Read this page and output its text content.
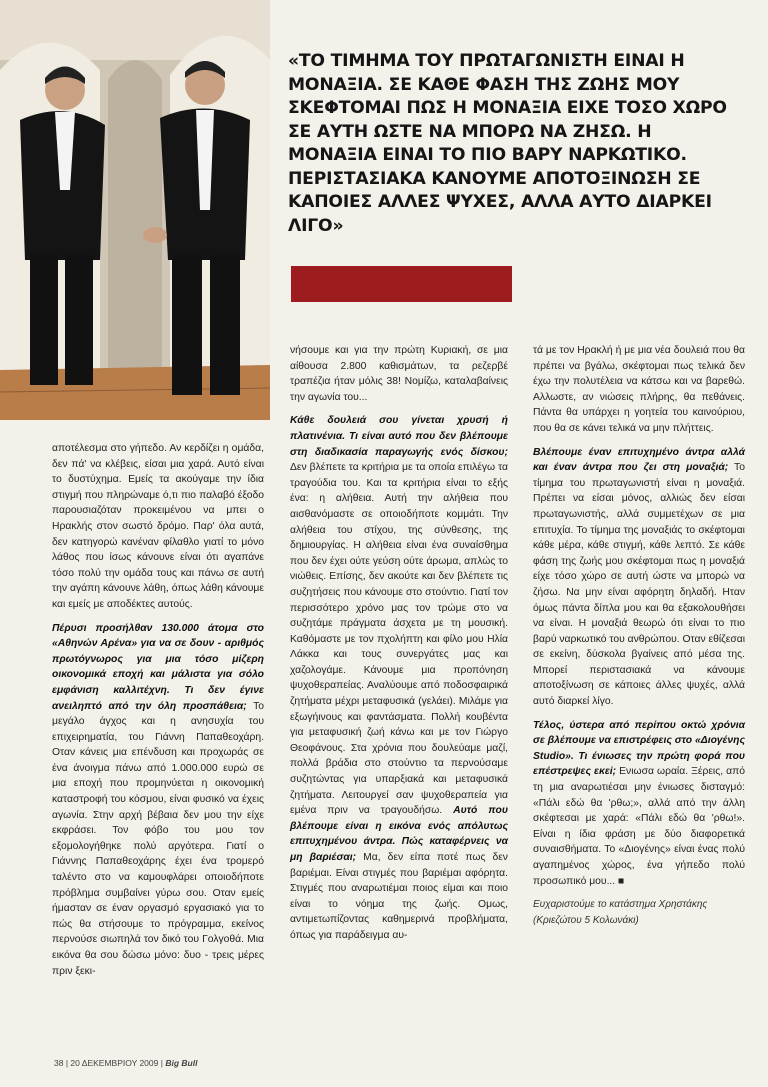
«ΤΟ ΤΙΜΗΜΑ ΤΟΥ ΠΡΩΤΑΓΩΝΙΣΤΗ ΕΙΝΑΙ Η ΜΟΝΑΞΙΑ. ΣΕ ΚΑΘΕ ΦΑΣΗ ΤΗΣ ΖΩΗΣ ΜΟΥ ΣΚΕΦΤΟΜΑΙ ΠΩΣ Η ΜΟΝΑΞΙΑ ΕΙΧΕ ΤΟΣΟ ΧΩΡΟ ΣΕ ΑΥΤΗ ΩΣΤΕ ΝΑ ΜΠΟΡΩ ΝΑ ΖΗΣΩ. Η ΜΟΝΑΞΙΑ ΕΙΝΑΙ ΤΟ ΠΙΟ ΒΑΡΥ ΝΑΡΚΩΤΙΚΟ. ΠΕΡΙΣΤΑΣΙΑΚΑ ΚΑΝΟΥΜΕ ΑΠΟΤΟΞΙΝΩΣΗ ΣΕ ΚΑΠΟΙΕΣ ΑΛΛΕΣ ΨΥΧΕΣ, ΑΛΛΑ ΑΥΤΟ ΔΙΑΡΚΕΙ ΛΙΓΟ»

αποτέλεσμα στο γήπεδο. Αν κερδίζει η ομάδα, δεν πά' να κλέβεις, είσαι μια χαρά. Αυτό είναι το δυστύχημα. Εμείς τα ακούγαμε την ίδια στιγμή που πληρώναμε ό,τι πιο παλαβό έξοδο παρουσιαζόταν προκειμένου να μπει ο Ηρακλής στον σωστό δρόμο. Παρ' όλα αυτά, δεν κατηγορώ κανέναν φίλαθλο γιατί το μόνο λάθος που ίσως κάνουνε είναι ότι αγαπάνε τόσο πολύ την ομάδα τους και πάνω σε αυτή την αγάπη κάνουνε λάθη, όπως λάθη κάνουμε και εμείς με αποδέκτες αυτούς.

Πέρυσι προσήλθαν 130.000 άτομα στο «Αθηνών Αρένα» για να σε δουν - αριθμός πρωτόγνωρος για μια τόσο μίζερη οικονομικά εποχή και μάλιστα για σόλο εμφάνιση καλλιτέχνη. Τι δεν έγινε ανειληπτό από την όλη προσπάθεια; Το μεγάλο άγχος και η ανησυχία του επιχειρηματία, του Γιάννη Παπαθεοχάρη. Οταν κάνεις μια επένδυση και προχωράς σε ένα άνοιγμα πάνω από 1.000.000 ευρώ σε μια εποχή που προμηνύεται η οικονομική καταστροφή του κόσμου, είναι φυσικό να έχεις αγωνία. Στην αρχή βέβαια δεν μου την είχε εκφράσει. Τον φόβο του μου τον εξομολογήθηκε πολύ αργότερα. Γιατί ο Γιάννης Παπαθεοχάρης έχει ένα τρομερό ταλέντο στο να καμουφλάρει οποιοδήποτε πρόβλημα συμβαίνει γύρω σου. Οταν εμείς ήμασταν σε έναν οργασμό εργασιακό για το πώς θα στήσουμε το πρόγραμμα, εκείνος περνούσε σιωπηλά τον δικό του Γολγοθά. Μια εικόνα θα σου δώσω μόνο: δυο - τρεις μέρες πριν ξεκι-

νήσουμε και για την πρώτη Κυριακή, σε μια αίθουσα 2.800 καθισμάτων, τα ρεζερβέ τραπέζια ήταν μόλις 38! Νομίζω, καταλαβαίνεις την αγωνία του...

Κάθε δουλειά σου γίνεται χρυσή ή πλατινένια. Τι είναι αυτό που δεν βλέπουμε στη διαδικασία παραγωγής ενός δίσκου; Δεν βλέπετε τα κριτήρια με τα οποία επιλέγω τα τραγούδια του. Και τα κριτήρια είναι το εξής ένα: η αλήθεια. Αυτή την αλήθεια που αισθανόμαστε σε οποιοδήποτε κομμάτι. Την αλήθεια του στίχου, της σύνθεσης, της δημιουργίας. Η αλήθεια είναι ένα συναίσθημα που δεν έχει ούτε γεύση ούτε άρωμα, απλώς το νιώθεις. Επίσης, δεν ακούτε και δεν βλέπετε τις συζητήσεις που κάνουμε στο στούντιο. Γιατί τον περισσότερο χρόνο μας τον τρώμε στο να συζητάμε πράγματα άσχετα με τη μουσική. Καθόμαστε με τον πχολήπτη και φίλο μου Ηλία Λάκκα και τους συνεργάτες μας και χαζολογάμε. Κάνουμε μια προπόνηση ψυχοθεραπείας. Αναλύουμε από ποδοσφαιρικά ζητήματα μέχρι μεταφυσικά (γελάει). Μιλάμε για εξωγήινους και φαντάσματα. Πολλή κουβέντα για μεταφυσική ζωή κάνω και με τον Γιώργο Θεοφάνους. Στα χρόνια που δουλεύαμε μαζί, πολλά βράδια στο στούντιο τα περνούσαμε συζητώντας για υπαρξιακά και μεταφυσικά ζητήματα. Λειτουργεί σαν ψυχοθεραπεία για εμένα πριν να τραγουδήσω. Αυτό που βλέπουμε είναι η εικόνα ενός απόλυτως επιτυχημένου άντρα. Πώς καταφέρνεις να μη βαριέσαι; Μα, δεν είπα ποτέ πως δεν βαριέμαι. Είναι στιγμές που βαριέμαι αφόρητα. Στιγμές που αναρωτιέμαι ποιος είμαι και ποιο είναι το νόημα της ζωής. Ομως, αντιμετωπίζοντας καθημερινά προβλήματα, όπως για παράδειγμα αυ-

τά με τον Ηρακλή ή με μια νέα δουλειά που θα πρέπει να βγάλω, σκέφτομαι πως τελικά δεν έχω την πολυτέλεια να κάτσω και να βαρεθώ. Αλλωστε, αν νιώσεις πλήρης, θα πεθάνεις. Πάντα θα υπάρχει η γοητεία του καινούριου, που θα σε κάνει τελικά να μην πλήττεις.

Βλέπουμε έναν επιτυχημένο άντρα αλλά και έναν άντρα που ζει στη μοναξιά; Το τίμημα του πρωταγωνιστή είναι η μοναξιά. Πρέπει να είσαι μόνος, αλλιώς δεν είσαι πρωταγωνιστής, αλλά συμμετέχων σε μια επιτυχία. Το τίμημα της μοναξιάς το σκέφτομαι κάθε μέρα, κάθε στιγμή, κάθε λεπτό. Σε κάθε φάση της ζωής μου σκέφτομαι πως η μοναξιά είχε τόσο χώρο σε αυτή ώστε να μπορώ να ζήσω. Να μην είναι αφόρητη δηλαδή. Ηταν όμως πάντα δίπλα μου και θα εξακολουθήσει να είναι. Η μοναξιά θεωρώ ότι είναι το πιο βαρύ ναρκωτικό του ανθρώπου. Οταν εθίζεσαι σε εκείνη, δύσκολα βγαίνεις από μέσα της. Μπορεί περιστασιακά να κάνουμε αποτοξίνωση σε κάποιες άλλες ψυχές, αλλά αυτό διαρκεί λίγο.

Τέλος, ύστερα από περίπου οκτώ χρόνια σε βλέπουμε να επιστρέφεις στο «Διογένης Studio». Τι ένιωσες την πρώτη φορά που επέστρεψες εκεί; Ενιωσα ωραία. Ξέρεις, από τη μια αναρωτιέσαι μην ένιωσες δισταγμό: «Πάλι εδώ θα 'ρθω;», αλλά από την άλλη σκέφτεσαι με χαρά: «Πάλι εδώ θα 'ρθω!». Είναι η ίδια φράση με δύο διαφορετικά συναισθήματα. Το «Διογένης» είναι ένας πολύ αγαπημένος χώρος, ένα γήπεδο πολύ προσωπικό μου... ■

Ευχαριστούμε το κατάστημα Χρηστάκης (Κριεζώτου 5 Κολωνάκι)
38 | 20 ΔΕΚΕΜΒΡΙΟΥ 2009 | Big Bull
